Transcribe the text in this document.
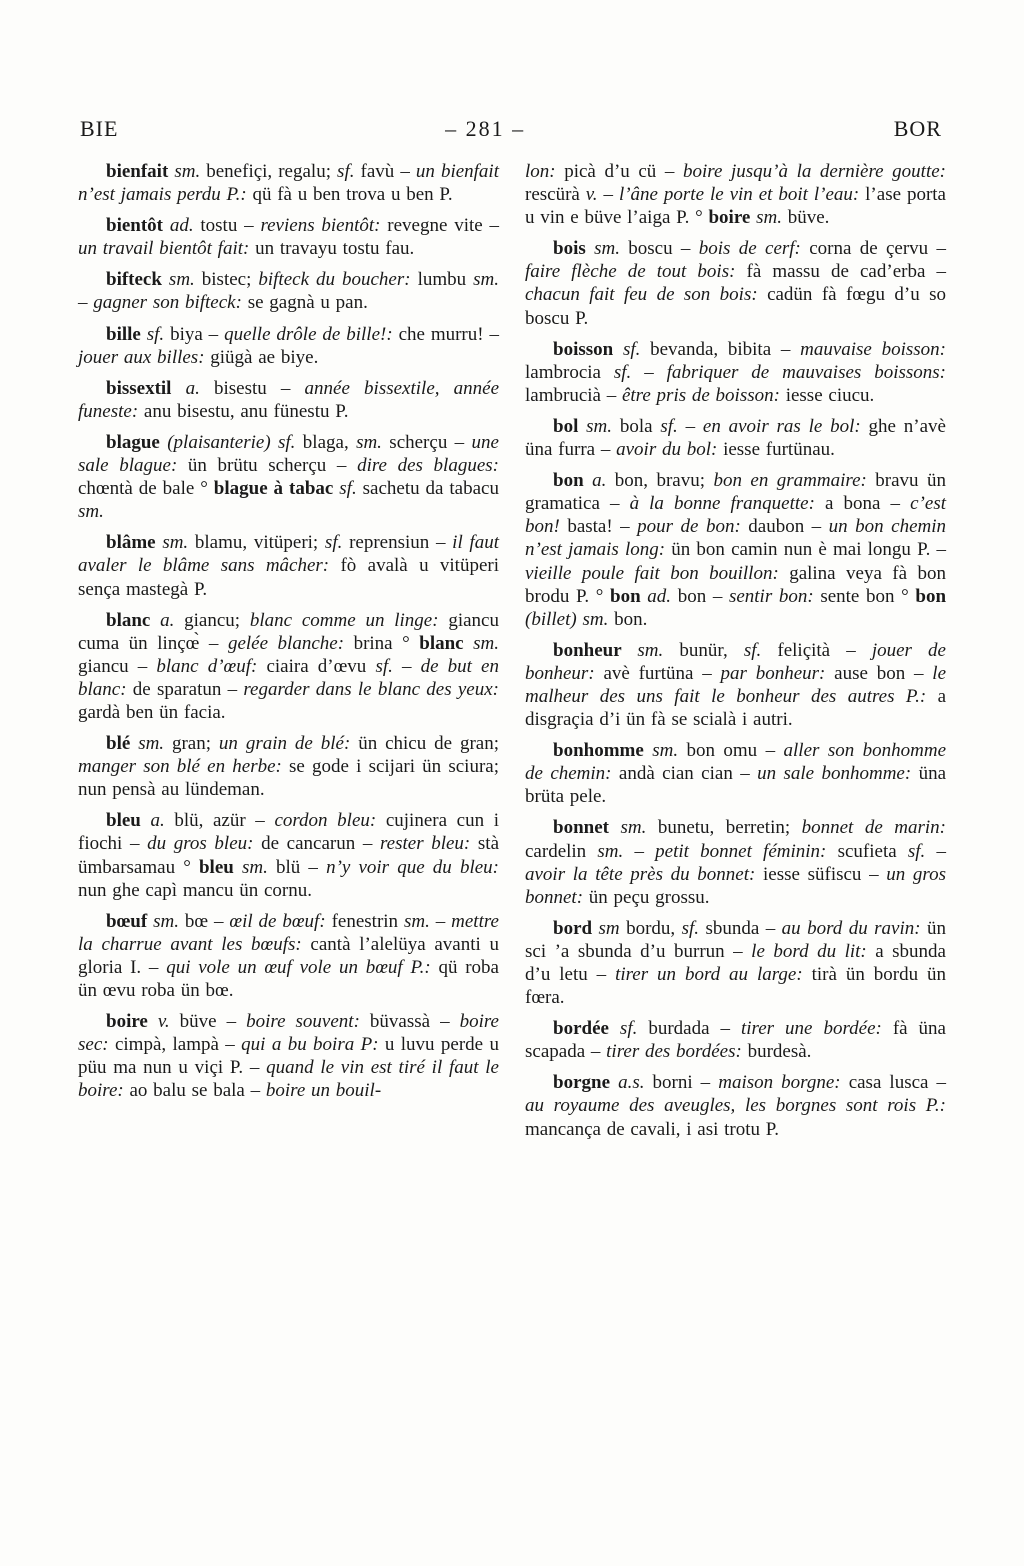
BIE	– 281 –	BOR

bienfait sm. benefiçi, regalu; sf. favù – un bienfait n’est jamais perdu P.: qü fà u ben trova u ben P.

bientôt ad. tostu – reviens bientôt: revegne vite – un travail bientôt fait: un travayu tostu fau.

bifteck sm. bistec; bifteck du boucher: lumbu sm. – gagner son bifteck: se gagnà u pan.

bille sf. biya – quelle drôle de bille!: che murru! – jouer aux billes: giügà ae biye.

bissextil a. bisestu – année bissextile, année funeste: anu bisestu, anu fünestu P.

blague (plaisanterie) sf. blaga, sm. scherçu – une sale blague: ün brütu scherçu – dire des blagues: chœntà de bale ° blague à tabac sf. sachetu da tabacu sm.

blâme sm. blamu, vitüperi; sf. reprensiun – il faut avaler le blâme sans mâcher: fò avalà u vitüperi sença mastegà P.

blanc a. giancu; blanc comme un linge: giancu cuma ün linçœ̀ – gelée blanche: brina ° blanc sm. giancu – blanc d’œuf: ciaira d’œvu sf. – de but en blanc: de sparatun – regarder dans le blanc des yeux: gardà ben ün facia.

blé sm. gran; un grain de blé: ün chicu de gran; manger son blé en herbe: se gode i scijari ün sciura; nun pensà au lündeman.

bleu a. blü, azür – cordon bleu: cujinera cun i fiochi – du gros bleu: de cancarun – rester bleu: stà ümbarsamau ° bleu sm. blü – n’y voir que du bleu: nun ghe capì mancu ün cornu.

bœuf sm. bœ – œil de bœuf: fenestrin sm. – mettre la charrue avant les bœufs: cantà l’alelüya avanti u gloria I. – qui vole un œuf vole un bœuf P.: qü roba ün œvu roba ün bœ.

boire v. büve – boire souvent: büvassà – boire sec: cimpà, lampà – qui a bu boira P: u luvu perde u püu ma nun u viçi P. – quand le vin est tiré il faut le boire: ao balu se bala – boire un bouil-

lon: picà d’u cü – boire jusqu’à la dernière goutte: rescürà v. – l’âne porte le vin et boit l’eau: l’ase porta u vin e büve l’aiga P. ° boire sm. büve.

bois sm. boscu – bois de cerf: corna de çervu – faire flèche de tout bois: fà massu de cad’erba – chacun fait feu de son bois: cadün fà fœgu d’u so boscu P.

boisson sf. bevanda, bibita – mauvaise boisson: lambrocia sf. – fabriquer de mauvaises boissons: lambrucià – être pris de boisson: iesse ciucu.

bol sm. bola sf. – en avoir ras le bol: ghe n’avè üna furra – avoir du bol: iesse furtünau.

bon a. bon, bravu; bon en grammaire: bravu ün gramatica – à la bonne franquette: a bona – c’est bon! basta! – pour de bon: daubon – un bon chemin n’est jamais long: ün bon camin nun è mai longu P. – vieille poule fait bon bouillon: galina veya fà bon brodu P. ° bon ad. bon – sentir bon: sente bon ° bon (billet) sm. bon.

bonheur sm. bunür, sf. feliçità – jouer de bonheur: avè furtüna – par bonheur: ause bon – le malheur des uns fait le bonheur des autres P.: a disgraçia d’i ün fà se scialà i autri.

bonhomme sm. bon omu – aller son bonhomme de chemin: andà cian cian – un sale bonhomme: üna brüta pele.

bonnet sm. bunetu, berretin; bonnet de marin: cardelin sm. – petit bonnet féminin: scufieta sf. – avoir la tête près du bonnet: iesse süfiscu – un gros bonnet: ün peçu grossu.

bord sm bordu, sf. sbunda – au bord du ravin: ün sci ’a sbunda d’u burrun – le bord du lit: a sbunda d’u letu – tirer un bord au large: tirà ün bordu ün fœra.

bordée sf. burdada – tirer une bordée: fà üna scapada – tirer des bordées: burdesà.

borgne a.s. borni – maison borgne: casa lusca – au royaume des aveugles, les borgnes sont rois P.: mancança de cavali, i asi trotu P.
